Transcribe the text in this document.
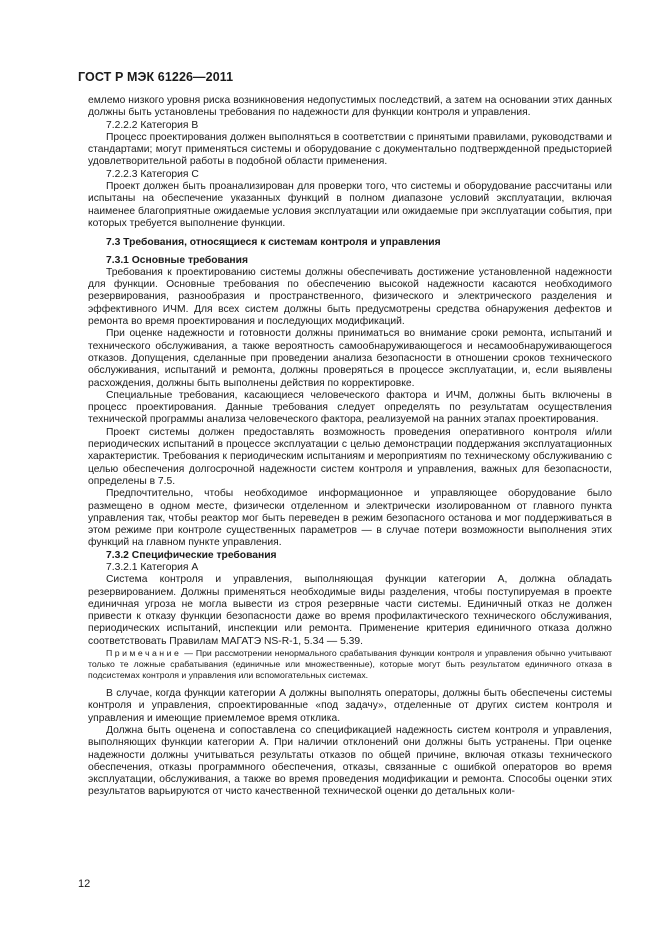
ГОСТ Р МЭК 61226—2011

емлемо низкого уровня риска возникновения недопустимых последствий, а затем на основании этих данных должны быть установлены требования по надежности для функции контроля и управления.

7.2.2.2 Категория В

Процесс проектирования должен выполняться в соответствии с принятыми правилами, руководствами и стандартами; могут применяться системы и оборудование с документально подтвержденной предысторией удовлетворительной работы в подобной области применения.

7.2.2.3 Категория С

Проект должен быть проанализирован для проверки того, что системы и оборудование рассчитаны или испытаны на обеспечение указанных функций в полном диапазоне условий эксплуатации, включая наименее благоприятные ожидаемые условия эксплуатации или ожидаемые при эксплуатации события, при которых требуется выполнение функции.

7.3 Требования, относящиеся к системам контроля и управления

7.3.1 Основные требования

Требования к проектированию системы должны обеспечивать достижение установленной надежности для функции. Основные требования по обеспечению высокой надежности касаются необходимого резервирования, разнообразия и пространственного, физического и электрического разделения и эффективного ИЧМ. Для всех систем должны быть предусмотрены средства обнаружения дефектов и ремонта во время проектирования и последующих модификаций.

При оценке надежности и готовности должны приниматься во внимание сроки ремонта, испытаний и технического обслуживания, а также вероятность самообнаруживающегося и несамообнаруживающегося отказов. Допущения, сделанные при проведении анализа безопасности в отношении сроков технического обслуживания, испытаний и ремонта, должны проверяться в процессе эксплуатации, и, если выявлены расхождения, должны быть выполнены действия по корректировке.

Специальные требования, касающиеся человеческого фактора и ИЧМ, должны быть включены в процесс проектирования. Данные требования следует определять по результатам осуществления технической программы анализа человеческого фактора, реализуемой на ранних этапах проектирования.

Проект системы должен предоставлять возможность проведения оперативного контроля и/или периодических испытаний в процессе эксплуатации с целью демонстрации поддержания эксплуатационных характеристик. Требования к периодическим испытаниям и мероприятиям по техническому обслуживанию с целью обеспечения долгосрочной надежности систем контроля и управления, важных для безопасности, определены в 7.5.

Предпочтительно, чтобы необходимое информационное и управляющее оборудование было размещено в одном месте, физически отделенном и электрически изолированном от главного пункта управления так, чтобы реактор мог быть переведен в режим безопасного останова и мог поддерживаться в этом режиме при контроле существенных параметров — в случае потери возможности выполнения этих функций на главном пункте управления.

7.3.2 Специфические требования

7.3.2.1 Категория А

Система контроля и управления, выполняющая функции категории А, должна обладать резервированием. Должны применяться необходимые виды разделения, чтобы поступируемая в проекте единичная угроза не могла вывести из строя резервные части системы. Единичный отказ не должен привести к отказу функции безопасности даже во время профилактического технического обслуживания, периодических испытаний, инспекции или ремонта. Применение критерия единичного отказа должно соответствовать Правилам МАГАТЭ NS-R-1, 5.34 — 5.39.

Примечание — При рассмотрении ненормального срабатывания функции контроля и управления обычно учитывают только те ложные срабатывания (единичные или множественные), которые могут быть результатом единичного отказа в подсистемах контроля и управления или вспомогательных системах.

В случае, когда функции категории А должны выполнять операторы, должны быть обеспечены системы контроля и управления, спроектированные «под задачу», отделенные от других систем контроля и управления и имеющие приемлемое время отклика.

Должна быть оценена и сопоставлена со спецификацией надежность систем контроля и управления, выполняющих функции категории А. При наличии отклонений они должны быть устранены. При оценке надежности должны учитываться результаты отказов по общей причине, включая отказы технического обеспечения, отказы программного обеспечения, отказы, связанные с ошибкой операторов во время эксплуатации, обслуживания, а также во время проведения модификации и ремонта. Способы оценки этих результатов варьируются от чисто качественной технической оценки до детальных коли-

12
